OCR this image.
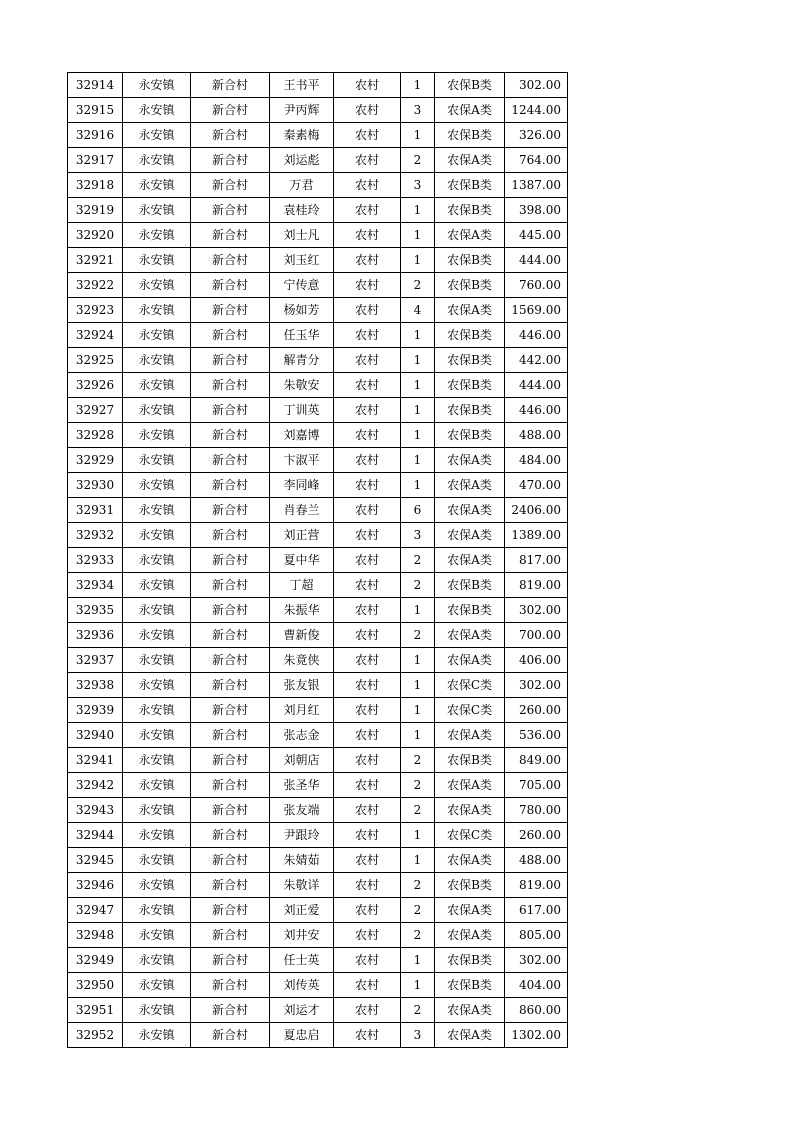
32914	永安镇	新合村	王书平	农村	1	农保B类	302.00
32915	永安镇	新合村	尹丙辉	农村	3	农保A类	1244.00
32916	永安镇	新合村	秦素梅	农村	1	农保B类	326.00
32917	永安镇	新合村	刘运彪	农村	2	农保A类	764.00
32918	永安镇	新合村	万君	农村	3	农保B类	1387.00
32919	永安镇	新合村	袁桂玲	农村	1	农保B类	398.00
32920	永安镇	新合村	刘士凡	农村	1	农保A类	445.00
32921	永安镇	新合村	刘玉红	农村	1	农保B类	444.00
32922	永安镇	新合村	宁传意	农村	2	农保B类	760.00
32923	永安镇	新合村	杨如芳	农村	4	农保A类	1569.00
32924	永安镇	新合村	任玉华	农村	1	农保B类	446.00
32925	永安镇	新合村	解青分	农村	1	农保B类	442.00
32926	永安镇	新合村	朱敬安	农村	1	农保B类	444.00
32927	永安镇	新合村	丁训英	农村	1	农保B类	446.00
32928	永安镇	新合村	刘嘉博	农村	1	农保B类	488.00
32929	永安镇	新合村	卞淑平	农村	1	农保A类	484.00
32930	永安镇	新合村	李同峰	农村	1	农保A类	470.00
32931	永安镇	新合村	肖春兰	农村	6	农保A类	2406.00
32932	永安镇	新合村	刘正营	农村	3	农保A类	1389.00
32933	永安镇	新合村	夏中华	农村	2	农保A类	817.00
32934	永安镇	新合村	丁超	农村	2	农保B类	819.00
32935	永安镇	新合村	朱振华	农村	1	农保B类	302.00
32936	永安镇	新合村	曹新俊	农村	2	农保A类	700.00
32937	永安镇	新合村	朱竟侠	农村	1	农保A类	406.00
32938	永安镇	新合村	张友银	农村	1	农保C类	302.00
32939	永安镇	新合村	刘月红	农村	1	农保C类	260.00
32940	永安镇	新合村	张志金	农村	1	农保A类	536.00
32941	永安镇	新合村	刘朝店	农村	2	农保B类	849.00
32942	永安镇	新合村	张圣华	农村	2	农保A类	705.00
32943	永安镇	新合村	张友端	农村	2	农保A类	780.00
32944	永安镇	新合村	尹跟玲	农村	1	农保C类	260.00
32945	永安镇	新合村	朱婧茹	农村	1	农保A类	488.00
32946	永安镇	新合村	朱敬详	农村	2	农保B类	819.00
32947	永安镇	新合村	刘正爱	农村	2	农保A类	617.00
32948	永安镇	新合村	刘井安	农村	2	农保A类	805.00
32949	永安镇	新合村	任士英	农村	1	农保B类	302.00
32950	永安镇	新合村	刘传英	农村	1	农保B类	404.00
32951	永安镇	新合村	刘运才	农村	2	农保A类	860.00
32952	永安镇	新合村	夏忠启	农村	3	农保A类	1302.00
